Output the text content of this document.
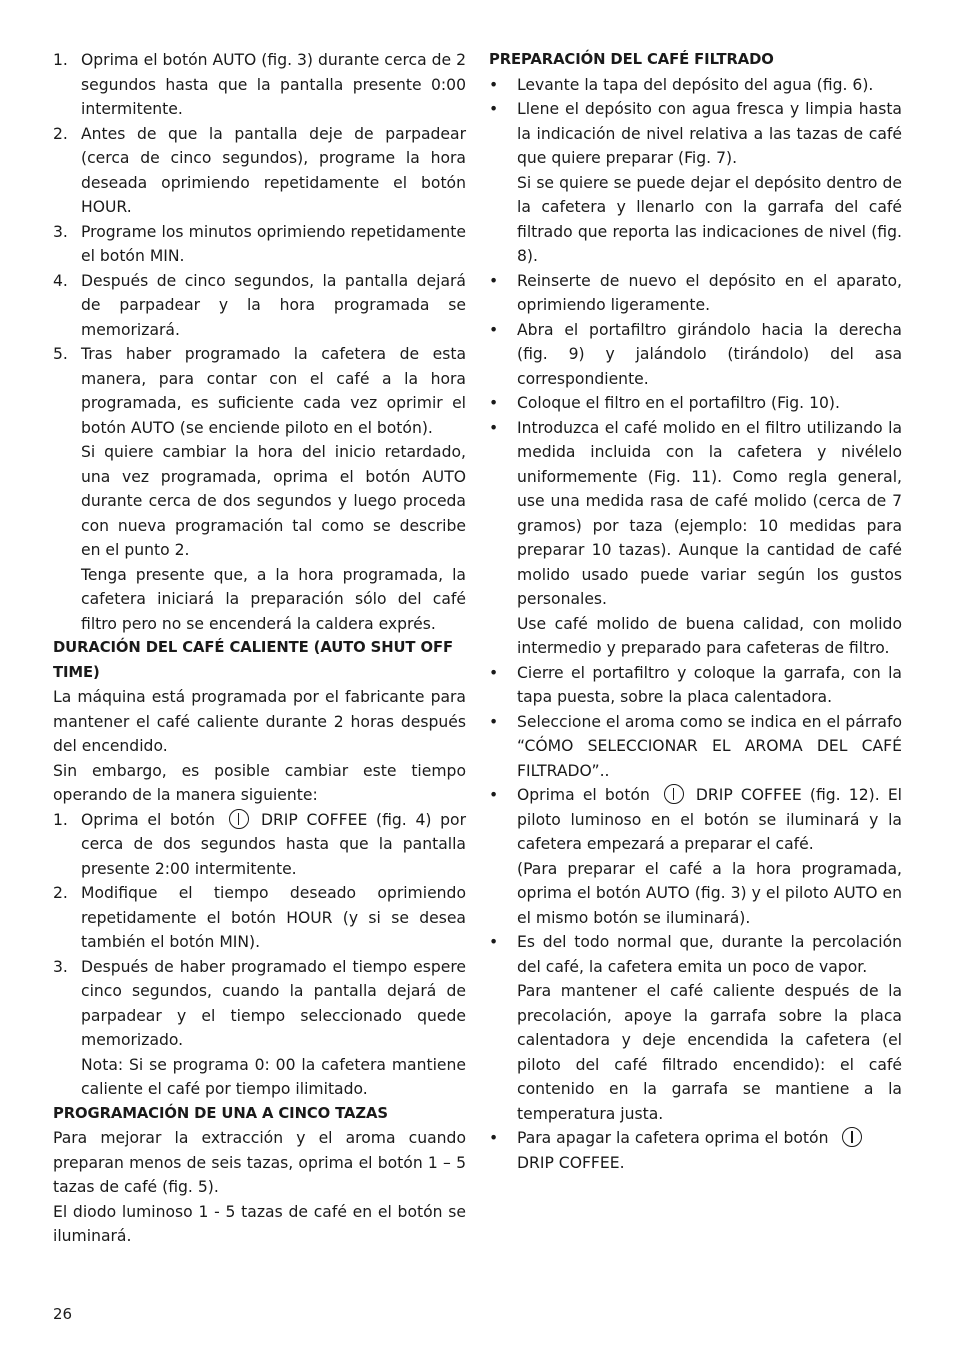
1. Oprima el botón AUTO (fig. 3) durante cerca de 2 segundos hasta que la pantalla presente 0:00 intermitente.

2. Antes de que la pantalla deje de parpadear (cerca de cinco segundos), programe la hora deseada oprimiendo repetidamente el botón HOUR.

3. Programe los minutos oprimiendo repetidamente el botón MIN.

4. Después de cinco segundos, la pantalla dejará de parpadear y la hora programada se memorizará.

5. Tras haber programado la cafetera de esta manera, para contar con el café a la hora programada, es suficiente cada vez oprimir el botón AUTO (se enciende piloto en el botón).

Si quiere cambiar la hora del inicio retardado, una vez programada, oprima el botón AUTO durante cerca de dos segundos y luego proceda con nueva programación tal como se describe en el punto 2.

Tenga presente que, a la hora programada, la cafetera iniciará la preparación sólo del café filtro pero no se encenderá la caldera exprés.

DURACIÓN DEL CAFÉ CALIENTE (AUTO SHUT OFF TIME)

La máquina está programada por el fabricante para mantener el café caliente durante 2 horas después del encendido.

Sin embargo, es posible cambiar este tiempo operando de la manera siguiente:

1. Oprima el botón	DRIP COFFEE (fig. 4) por cerca de dos segundos hasta que la pantalla presente 2:00 intermitente.

2. Modifique el tiempo deseado oprimiendo repetidamente el botón HOUR (y si se desea también el botón MIN).

3. Después de haber programado el tiempo espere cinco segundos, cuando la pantalla dejará de parpadear y el tiempo seleccionado quede memorizado.

Nota: Si se programa 0: 00 la cafetera mantiene caliente el café por tiempo ilimitado.

PROGRAMACIÓN DE UNA A CINCO TAZAS

Para mejorar la extracción y el aroma cuando preparan menos de seis tazas, oprima el botón 1 – 5 tazas de café (fig. 5).

El diodo luminoso 1 - 5 tazas de café en el botón se iluminará.

PREPARACIÓN DEL CAFÉ FILTRADO

• Levante la tapa del depósito del agua (fig. 6).

• Llene el depósito con agua fresca y limpia hasta la indicación de nivel relativa a las tazas de café que quiere preparar (Fig. 7).

Si se quiere se puede dejar el depósito dentro de la cafetera y llenarlo con la garrafa del café filtrado que reporta las indicaciones de nivel (fig. 8).

• Reinserte de nuevo el depósito en el aparato, oprimiendo ligeramente.

• Abra el portafiltro girándolo hacia la derecha (fig. 9) y jalándolo (tirándolo) del asa correspondiente.

• Coloque el filtro en el portafiltro (Fig. 10).

• Introduzca el café molido en el filtro utilizando la medida incluida con la cafetera y nivélelo uniformemente (Fig. 11). Como regla general, use una medida rasa de café molido (cerca de 7 gramos) por taza (ejemplo: 10 medidas para preparar 10 tazas). Aunque la cantidad de café molido usado puede variar según los gustos personales.

Use café molido de buena calidad, con molido intermedio y preparado para cafeteras de filtro.

• Cierre el portafiltro y coloque la garrafa, con la tapa puesta, sobre la placa calentadora.

• Seleccione el aroma como se indica en el párrafo “CÓMO SELECCIONAR EL AROMA DEL CAFÉ FILTRADO”..

• Oprima el botón	DRIP COFFEE (fig. 12). El piloto luminoso en el botón se iluminará y la cafetera empezará a preparar el café.

(Para preparar el café a la hora programada, oprima el botón AUTO (fig. 3) y el piloto AUTO en el mismo botón se iluminará).

• Es del todo normal que, durante la percolación del café, la cafetera emita un poco de vapor.

Para mantener el café caliente después de la precolación, apoye la garrafa sobre la placa calentadora y deje encendida la cafetera (el piloto del café filtrado encendido): el café contenido en la garrafa se mantiene a la temperatura justa.

• Para apagar la cafetera oprima el botónDRIP COFFEE.

26
